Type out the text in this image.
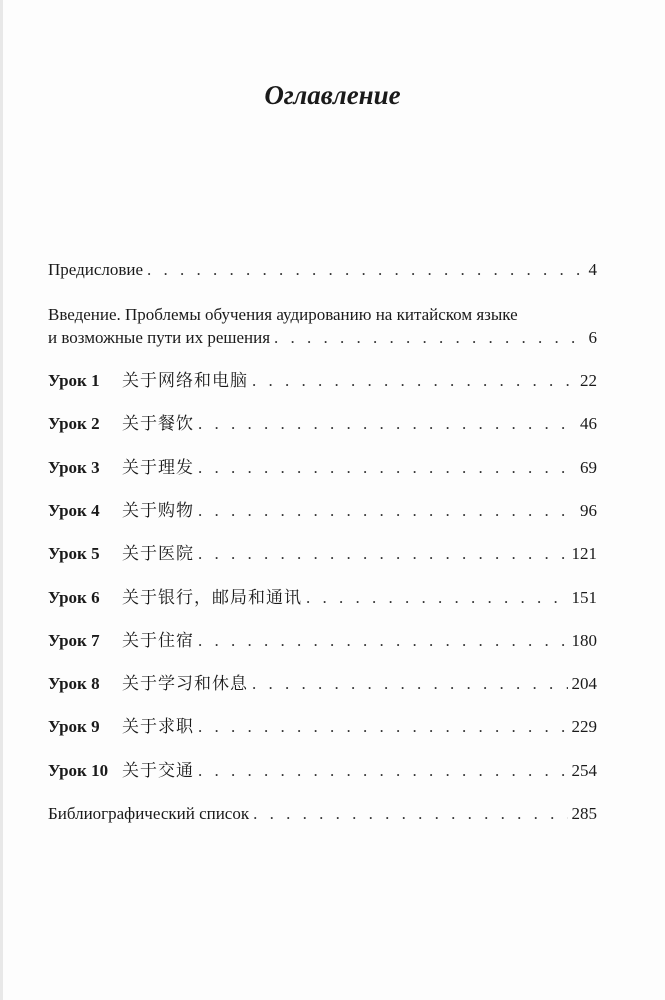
Оглавление
Предисловие . . .	4
Введение. Проблемы обучения аудированию на китайском языке
и возможные пути их решения . . .	6
Урок 1	关于网络和电脑 . . .	22
Урок 2	关于餐饮 . . .	46
Урок 3	关于理发 . . .	69
Урок 4	关于购物 . . .	96
Урок 5	关于医院 . . .	121
Урок 6	关于银行，邮局和通讯 . . .	151
Урок 7	关于住宿 . . .	180
Урок 8	关于学习和休息 . . .	204
Урок 9	关于求职 . . .	229
Урок 10 关于交通 . . .	254
Библиографический список . . .	285
